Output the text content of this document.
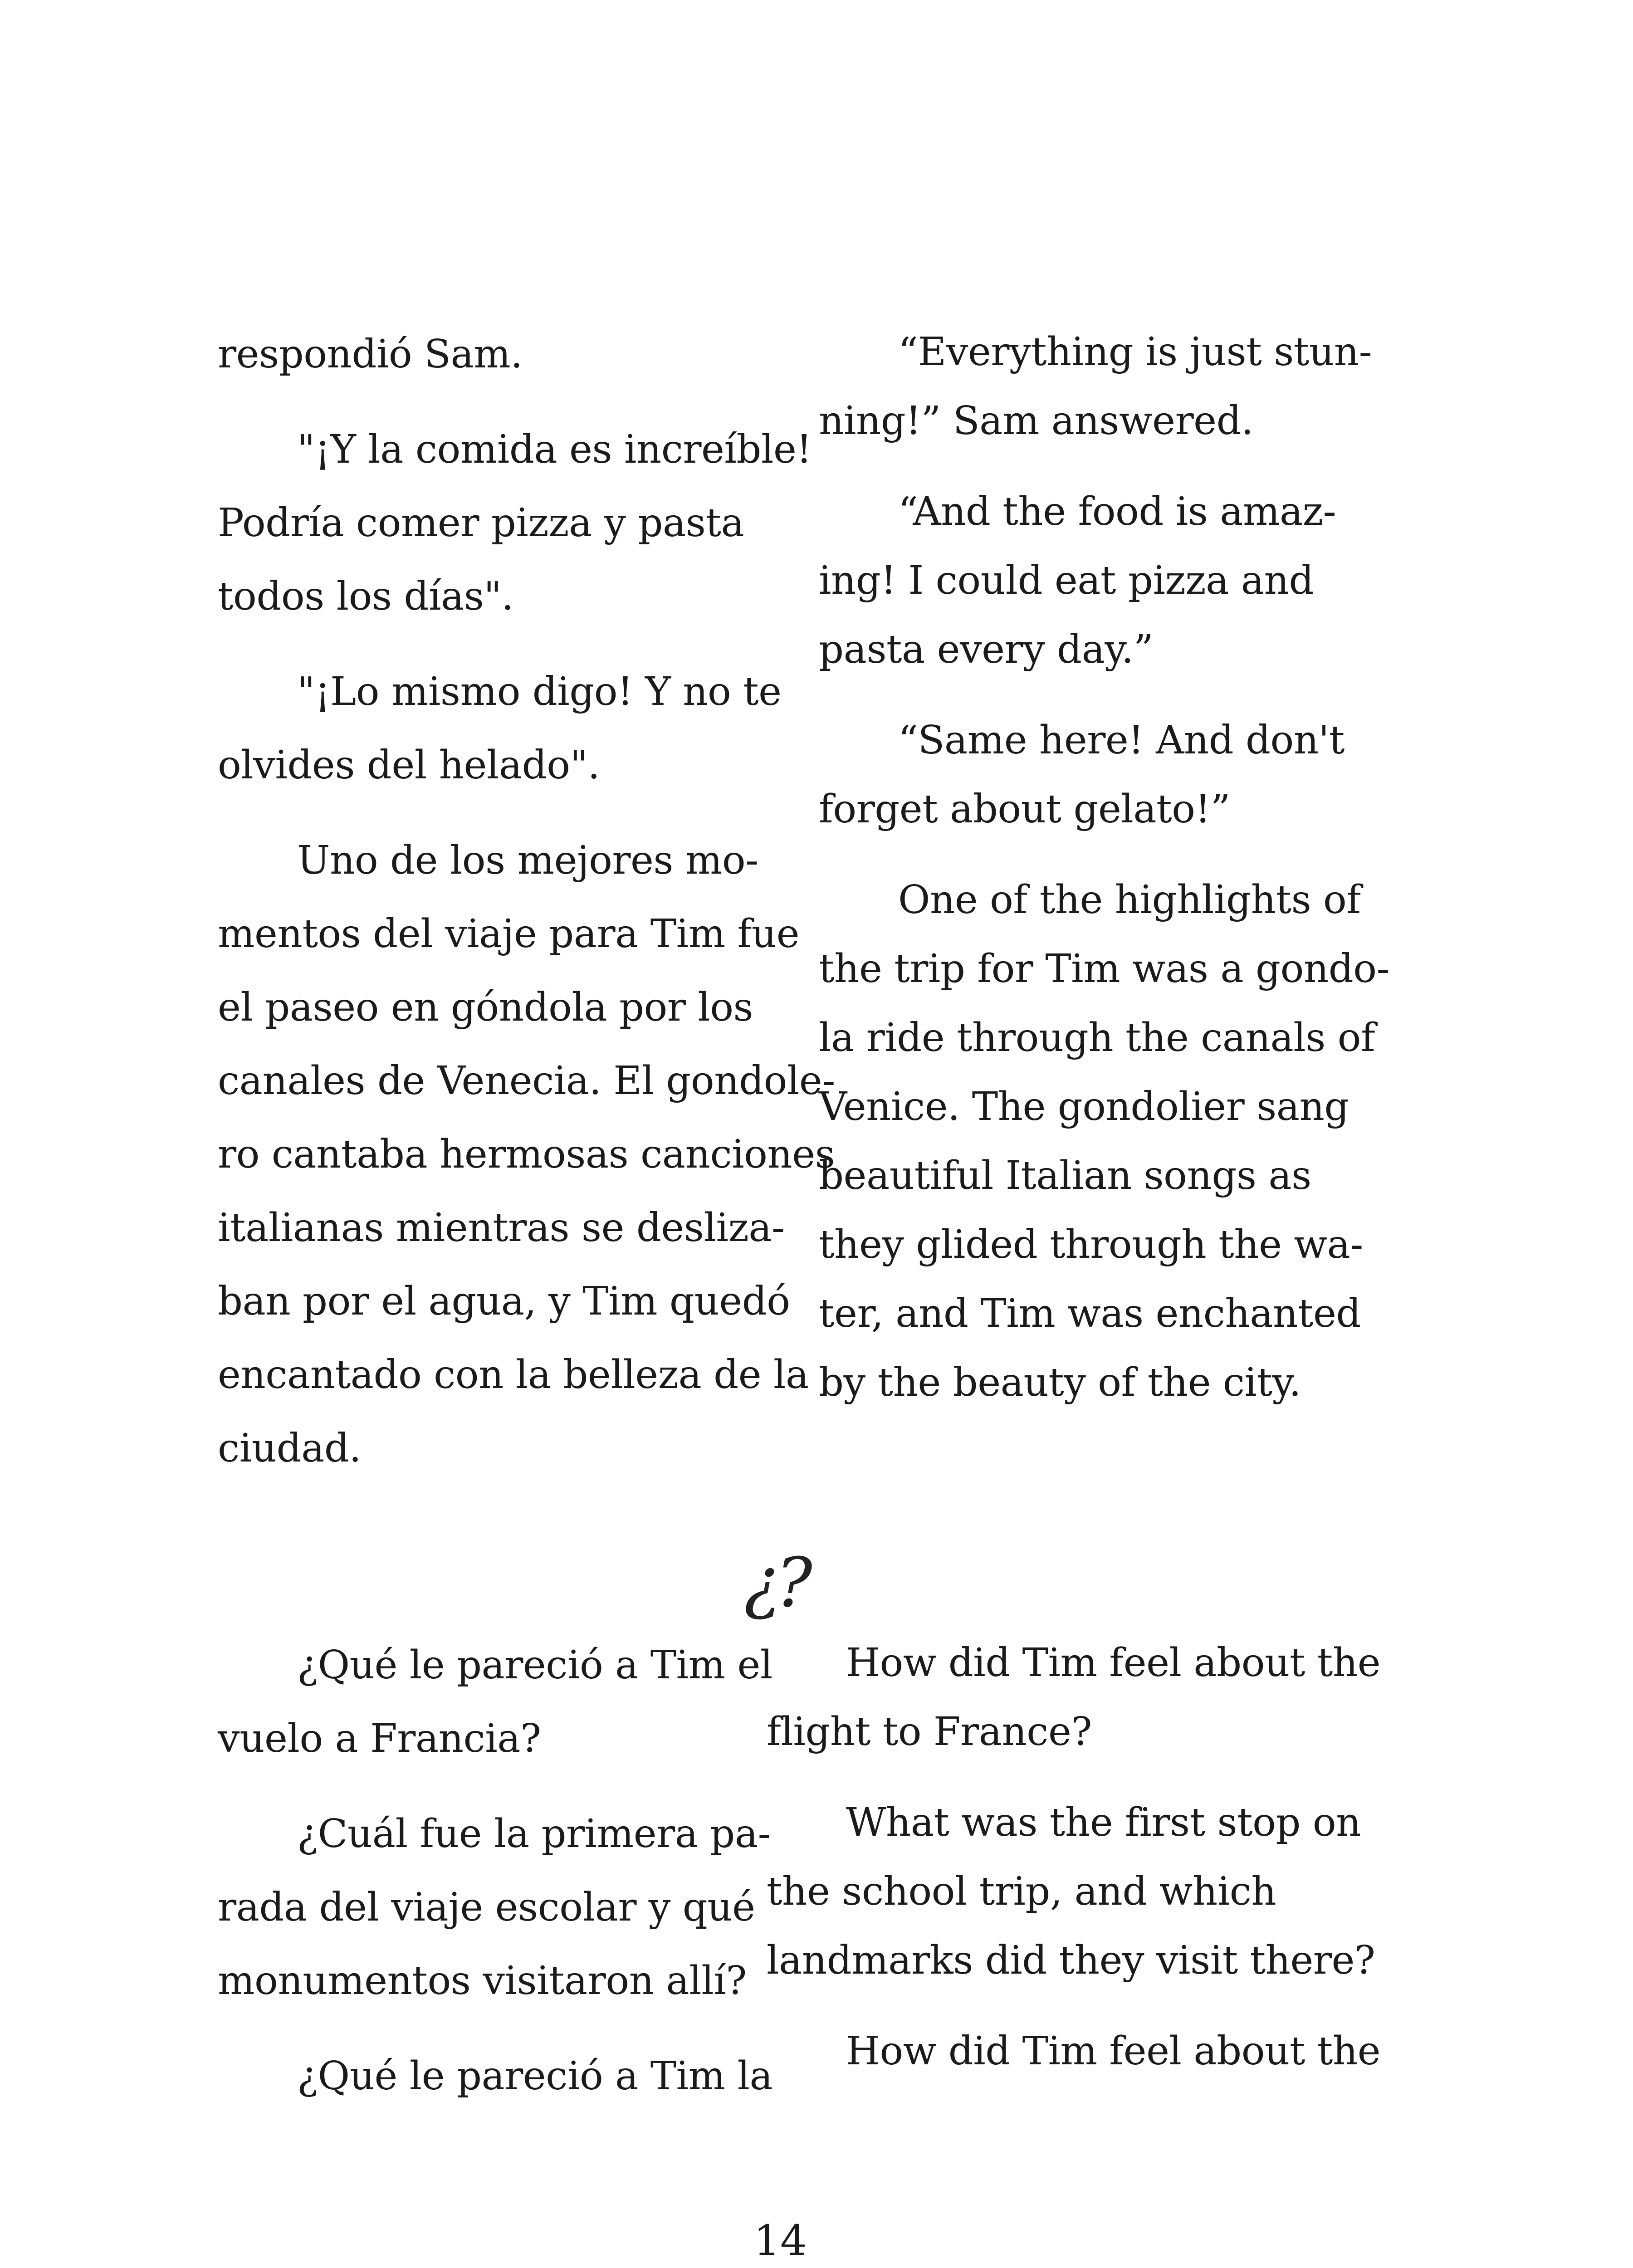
respondió Sam.

"¡Y la comida es increíble!

Podría comer pizza y pasta

todos los días".

"¡Lo mismo digo! Y no te

olvides del helado".

Uno de los mejores mo-

mentos del viaje para Tim fue

el paseo en góndola por los

canales de Venecia. El gondole-

ro cantaba hermosas canciones

italianas mientras se desliza-

ban por el agua, y Tim quedó

encantado con la belleza de la

ciudad.

“Everything is just stun-

ning!” Sam answered.

“And the food is amaz-

ing! I could eat pizza and

pasta every day.”

“Same here! And don't

forget about gelato!”

One of the highlights of

the trip for Tim was a gondo-

la ride through the canals of

Venice. The gondolier sang

beautiful Italian songs as

they glided through the wa-

ter, and Tim was enchanted

by the beauty of the city.

¿?

¿Qué le pareció a Tim el

vuelo a Francia?

¿Cuál fue la primera pa-

rada del viaje escolar y qué

monumentos visitaron allí?

¿Qué le pareció a Tim la

How did Tim feel about the

flight to France?

What was the first stop on

the school trip, and which

landmarks did they visit there?

How did Tim feel about the

14
